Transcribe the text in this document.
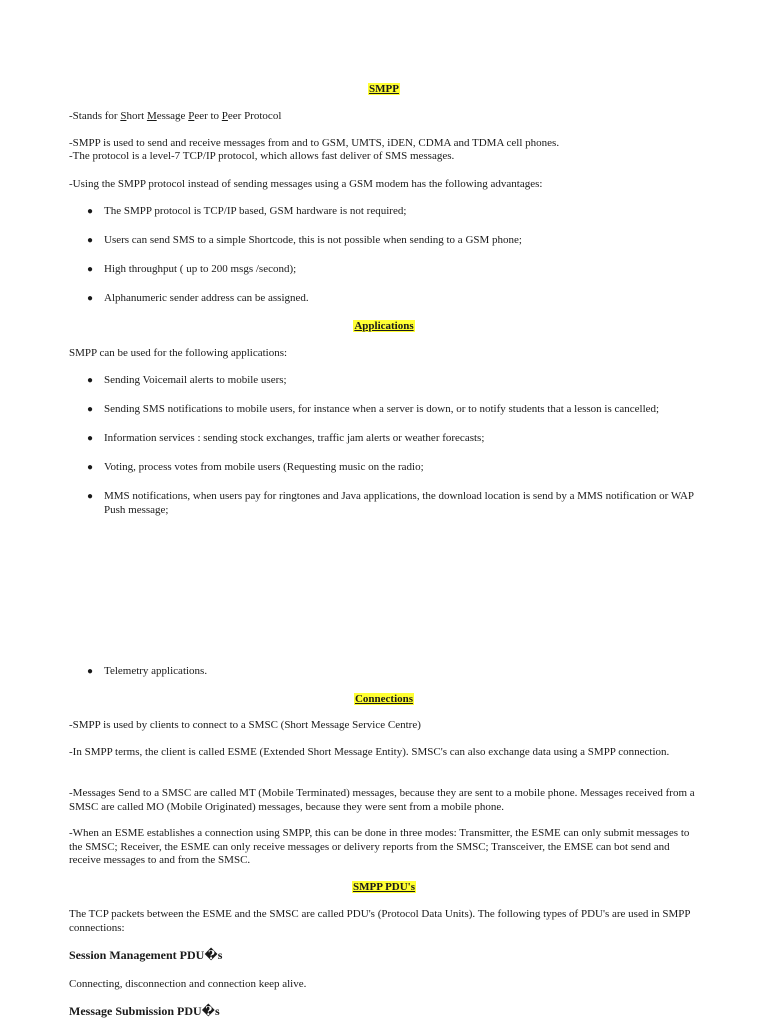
SMPP

-Stands for Short Message Peer to Peer Protocol

-SMPP is used to send and receive messages from and to GSM, UMTS, iDEN, CDMA and TDMA cell phones.

-The protocol is a level-7 TCP/IP protocol, which allows fast deliver of SMS messages.

-Using the SMPP protocol instead of sending messages using a GSM modem has the following advantages:

● The SMPP protocol is TCP/IP based, GSM hardware is not required;
● Users can send SMS to a simple Shortcode, this is not possible when sending to a GSM phone;
● High throughput ( up to 200 msgs /second);
● Alphanumeric sender address can be assigned.

Applications

SMPP can be used for the following applications:

● Sending Voicemail alerts to mobile users;
● Sending SMS notifications to mobile users, for instance when a server is down, or to notify students that a lesson is cancelled;
● Information services : sending stock exchanges, traffic jam alerts or weather forecasts;
● Voting, process votes from mobile users (Requesting music on the radio;
● MMS notifications, when users pay for ringtones and Java applications, the download location is send by a MMS notification or WAP Push message;
● Telemetry applications.

Connections

-SMPP is used by clients to connect to a SMSC (Short Message Service Centre)

-In SMPP terms, the client is called ESME (Extended Short Message Entity). SMSC's can also exchange data using a SMPP connection.

-Messages Send to a SMSC are called MT (Mobile Terminated) messages, because they are sent to a mobile phone. Messages received from a SMSC are called MO (Mobile Originated) messages, because they were sent from a mobile phone.

-When an ESME establishes a connection using SMPP, this can be done in three modes: Transmitter, the ESME can only submit messages to the SMSC; Receiver, the ESME can only receive messages or delivery reports from the SMSC; Transceiver, the EMSE can bot send and receive messages to and from the SMSC.

SMPP PDU's

The TCP packets between the ESME and the SMSC are called PDU's (Protocol Data Units). The following types of PDU's are used in SMPP connections:

Session Management PDU�s

Connecting, disconnection and connection keep alive.

Message Submission PDU�s
